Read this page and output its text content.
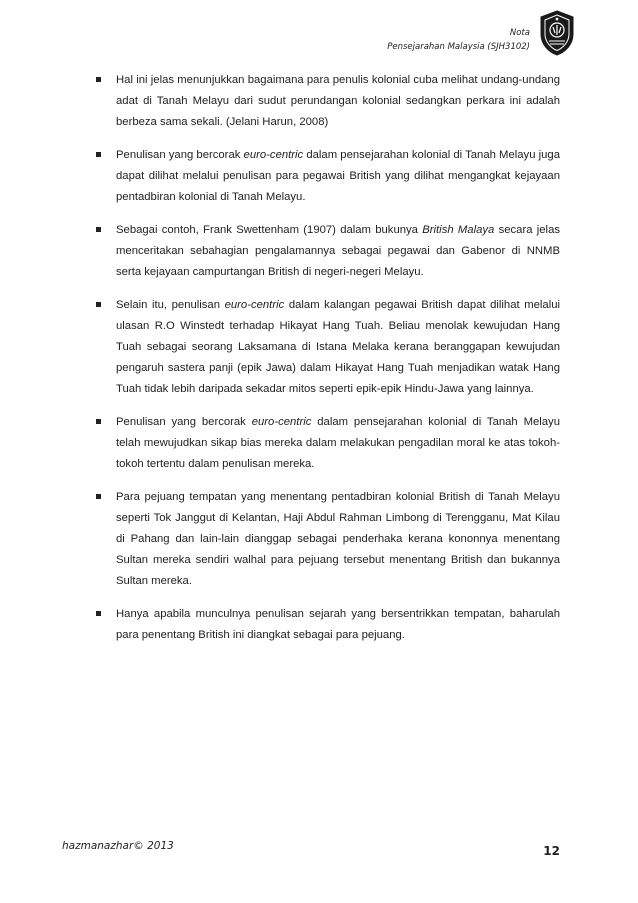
Nota
Pensejarahan Malaysia (SJH3102)
Hal ini jelas menunjukkan bagaimana para penulis kolonial cuba melihat undang-undang adat di Tanah Melayu dari sudut perundangan kolonial sedangkan perkara ini adalah berbeza sama sekali. (Jelani Harun, 2008)
Penulisan yang bercorak euro-centric dalam pensejarahan kolonial di Tanah Melayu juga dapat dilihat melalui penulisan para pegawai British yang dilihat mengangkat kejayaan pentadbiran kolonial di Tanah Melayu.
Sebagai contoh, Frank Swettenham (1907) dalam bukunya British Malaya secara jelas menceritakan sebahagian pengalamannya sebagai pegawai dan Gabenor di NNMB serta kejayaan campurtangan British di negeri-negeri Melayu.
Selain itu, penulisan euro-centric dalam kalangan pegawai British dapat dilihat melalui ulasan R.O Winstedt terhadap Hikayat Hang Tuah. Beliau menolak kewujudan Hang Tuah sebagai seorang Laksamana di Istana Melaka kerana beranggapan kewujudan pengaruh sastera panji (epik Jawa) dalam Hikayat Hang Tuah menjadikan watak Hang Tuah tidak lebih daripada sekadar mitos seperti epik-epik Hindu-Jawa yang lainnya.
Penulisan yang bercorak euro-centric dalam pensejarahan kolonial di Tanah Melayu telah mewujudkan sikap bias mereka dalam melakukan pengadilan moral ke atas tokoh-tokoh tertentu dalam penulisan mereka.
Para pejuang tempatan yang menentang pentadbiran kolonial British di Tanah Melayu seperti Tok Janggut di Kelantan, Haji Abdul Rahman Limbong di Terengganu, Mat Kilau di Pahang dan lain-lain dianggap sebagai penderhaka kerana kononnya menentang Sultan mereka sendiri walhal para pejuang tersebut menentang British dan bukannya Sultan mereka.
Hanya apabila munculnya penulisan sejarah yang bersentrikkan tempatan, baharulah para penentang British ini diangkat sebagai para pejuang.
hazmanazhar© 2013	12
